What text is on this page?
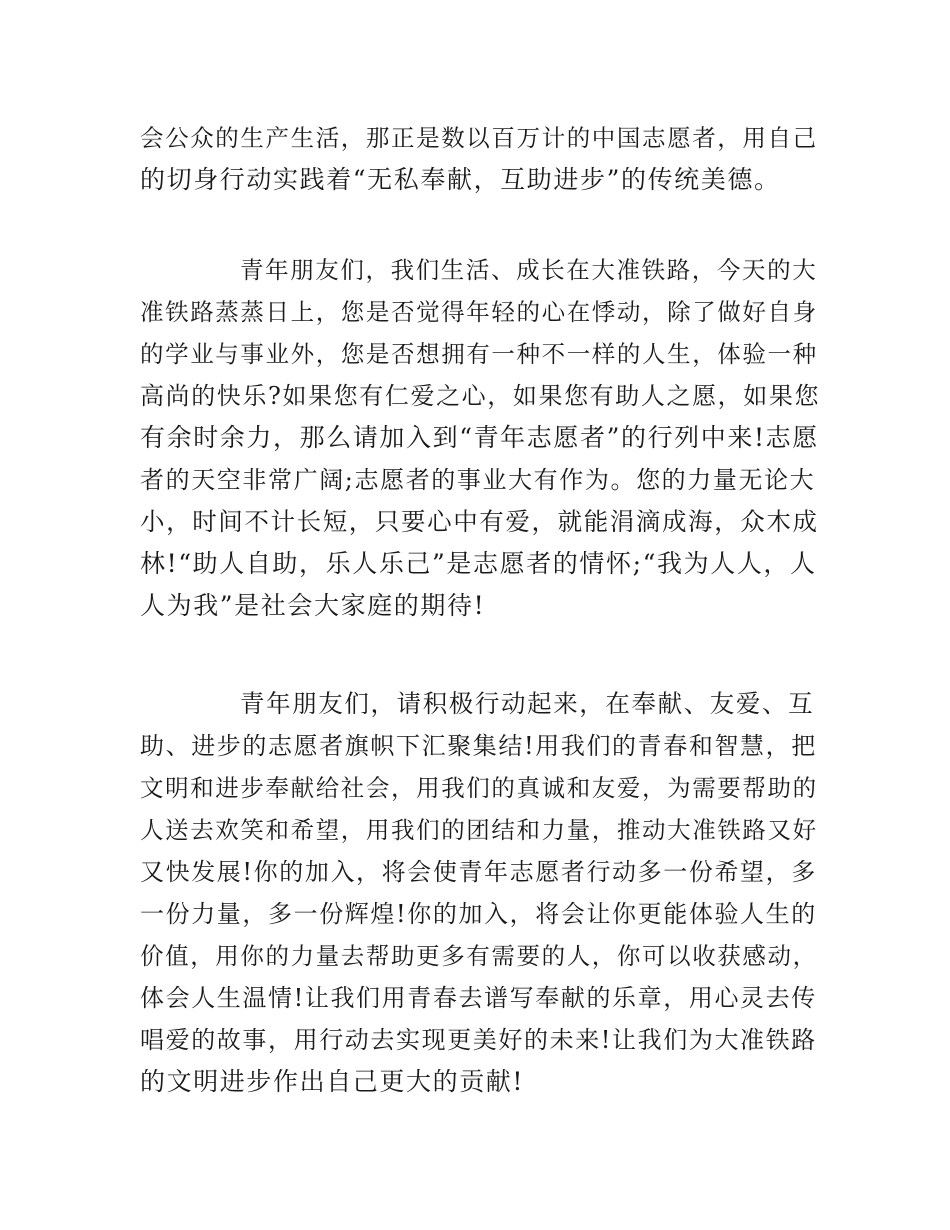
会公众的生产生活，那正是数以百万计的中国志愿者，用自己
的切身行动实践着“无私奉献，互助进步”的传统美德。
青年朋友们，我们生活、成长在大准铁路，今天的大
准铁路蒸蒸日上，您是否觉得年轻的心在悸动，除了做好自身
的学业与事业外，您是否想拥有一种不一样的人生，体验一种
高尚的快乐?如果您有仁爱之心，如果您有助人之愿，如果您
有余时余力，那么请加入到“青年志愿者”的行列中来!志愿
者的天空非常广阔;志愿者的事业大有作为。您的力量无论大
小，时间不计长短，只要心中有爱，就能涓滴成海，众木成
林!“助人自助，乐人乐己”是志愿者的情怀;“我为人人，人
人为我”是社会大家庭的期待!
青年朋友们，请积极行动起来，在奉献、友爱、互
助、进步的志愿者旗帜下汇聚集结!用我们的青春和智慧，把
文明和进步奉献给社会，用我们的真诚和友爱，为需要帮助的
人送去欢笑和希望，用我们的团结和力量，推动大准铁路又好
又快发展!你的加入，将会使青年志愿者行动多一份希望，多
一份力量，多一份辉煌!你的加入，将会让你更能体验人生的
价值，用你的力量去帮助更多有需要的人，你可以收获感动，
体会人生温情!让我们用青春去谱写奉献的乐章，用心灵去传
唱爱的故事，用行动去实现更美好的未来!让我们为大准铁路
的文明进步作出自己更大的贡献!
